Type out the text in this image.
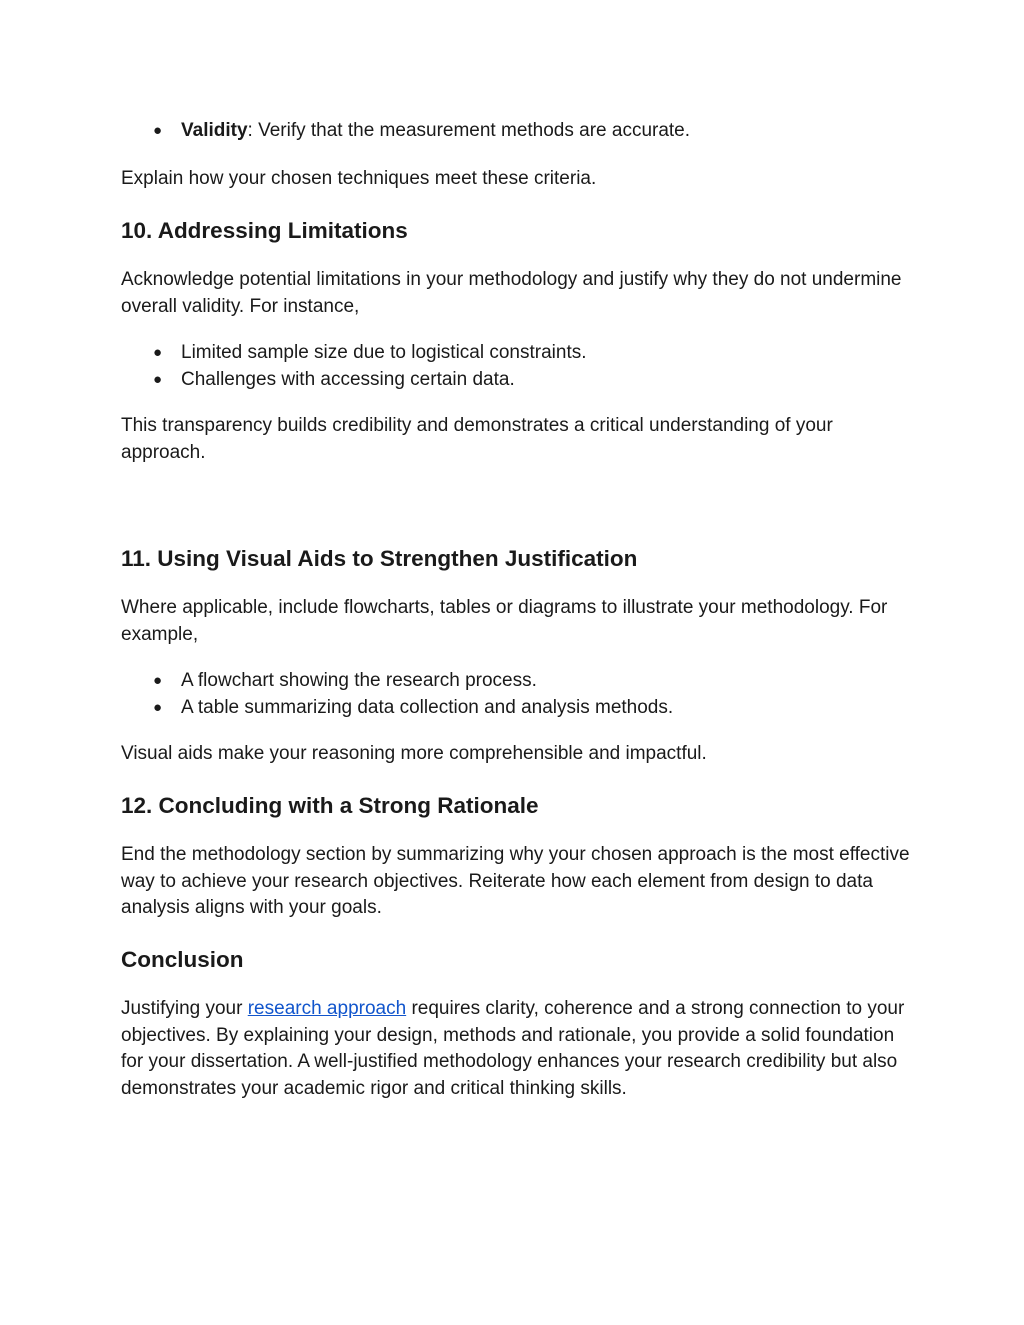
● Validity: Verify that the measurement methods are accurate.

Explain how your chosen techniques meet these criteria.

10. Addressing Limitations

Acknowledge potential limitations in your methodology and justify why they do not undermine overall validity. For instance,

● Limited sample size due to logistical constraints.
● Challenges with accessing certain data.

This transparency builds credibility and demonstrates a critical understanding of your approach.

11. Using Visual Aids to Strengthen Justification

Where applicable, include flowcharts, tables or diagrams to illustrate your methodology. For example,

● A flowchart showing the research process.
● A table summarizing data collection and analysis methods.

Visual aids make your reasoning more comprehensible and impactful.

12. Concluding with a Strong Rationale

End the methodology section by summarizing why your chosen approach is the most effective way to achieve your research objectives. Reiterate how each element from design to data analysis aligns with your goals.

Conclusion

Justifying your research approach requires clarity, coherence and a strong connection to your objectives. By explaining your design, methods and rationale, you provide a solid foundation for your dissertation. A well-justified methodology enhances your research credibility but also demonstrates your academic rigor and critical thinking skills.
